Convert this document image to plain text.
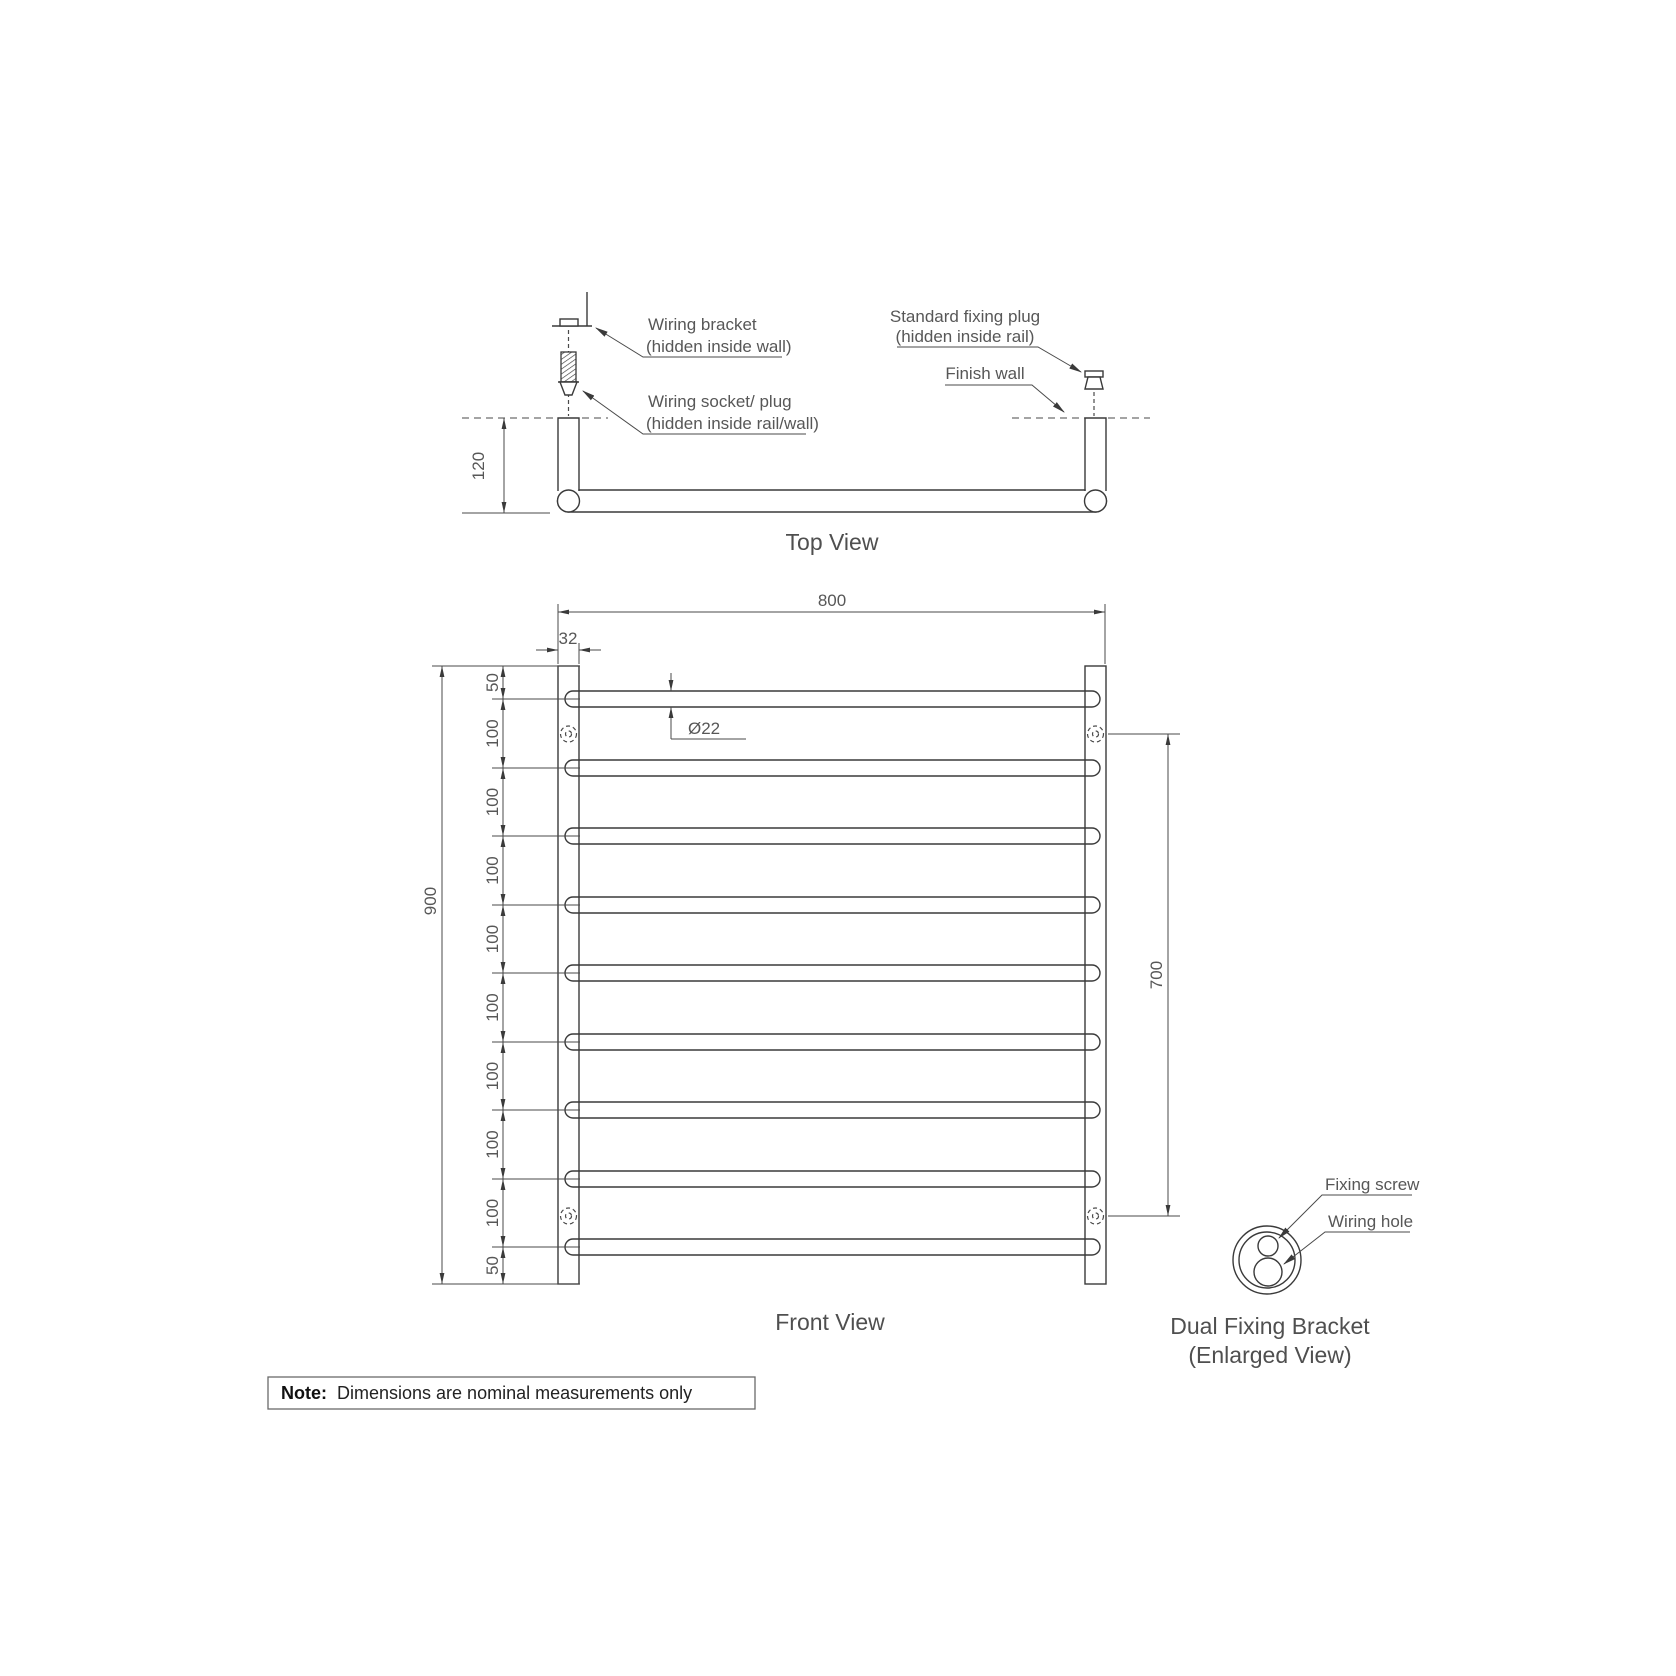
120
Wiring bracket
(hidden inside wall)
Wiring socket/ plug
(hidden inside rail/wall)
Standard fixing plug
(hidden inside rail)
Finish wall
Top View
800
32
900
50
100
100
100
100
100
100
100
100
50
700
Ø22
Front View
Fixing screw
Wiring hole
Dual Fixing Bracket
(Enlarged View)
Note: Dimensions are nominal measurements only
